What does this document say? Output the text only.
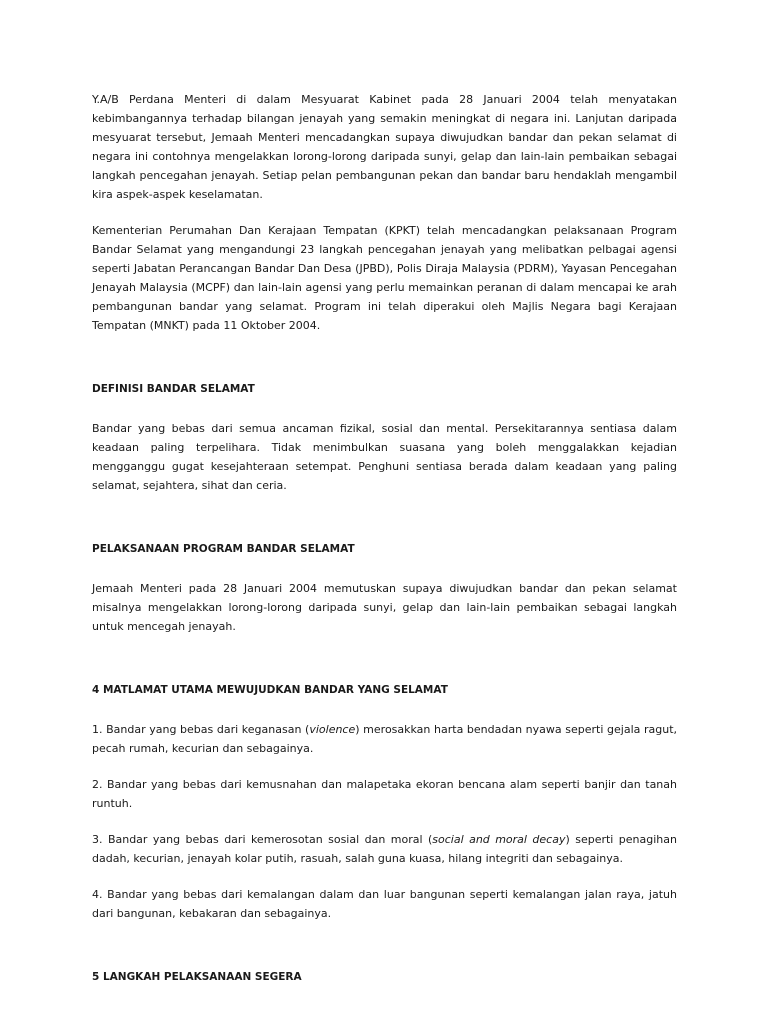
Y.A/B Perdana Menteri di dalam Mesyuarat Kabinet pada 28 Januari 2004 telah menyatakan kebimbangannya terhadap bilangan jenayah yang semakin meningkat di negara ini. Lanjutan daripada mesyuarat tersebut, Jemaah Menteri mencadangkan supaya diwujudkan bandar dan pekan selamat di negara ini contohnya mengelakkan lorong-lorong daripada sunyi, gelap dan lain-lain pembaikan sebagai langkah pencegahan jenayah. Setiap pelan pembangunan pekan dan bandar baru hendaklah mengambil kira aspek-aspek keselamatan.

Kementerian Perumahan Dan Kerajaan Tempatan (KPKT) telah mencadangkan pelaksanaan Program Bandar Selamat yang mengandungi 23 langkah pencegahan jenayah yang melibatkan pelbagai agensi seperti Jabatan Perancangan Bandar Dan Desa (JPBD), Polis Diraja Malaysia (PDRM), Yayasan Pencegahan Jenayah Malaysia (MCPF) dan lain-lain agensi yang perlu memainkan peranan di dalam mencapai ke arah pembangunan bandar yang selamat. Program ini telah diperakui oleh Majlis Negara bagi Kerajaan Tempatan (MNKT) pada 11 Oktober 2004.

DEFINISI BANDAR SELAMAT

Bandar yang bebas dari semua ancaman fizikal, sosial dan mental. Persekitarannya sentiasa dalam keadaan paling terpelihara. Tidak menimbulkan suasana yang boleh menggalakkan kejadian mengganggu gugat kesejahteraan setempat. Penghuni sentiasa berada dalam keadaan yang paling selamat, sejahtera, sihat dan ceria.

PELAKSANAAN PROGRAM BANDAR SELAMAT

Jemaah Menteri pada 28 Januari 2004 memutuskan supaya diwujudkan bandar dan pekan selamat misalnya mengelakkan lorong-lorong daripada sunyi, gelap dan lain-lain pembaikan sebagai langkah untuk mencegah jenayah.

4 MATLAMAT UTAMA MEWUJUDKAN BANDAR YANG SELAMAT

1. Bandar yang bebas dari keganasan (violence) merosakkan harta bendadan nyawa seperti gejala ragut, pecah rumah, kecurian dan sebagainya.

2. Bandar yang bebas dari kemusnahan dan malapetaka ekoran bencana alam seperti banjir dan tanah runtuh.

3. Bandar yang bebas dari kemerosotan sosial dan moral (social and moral decay) seperti penagihan dadah, kecurian, jenayah kolar putih, rasuah, salah guna kuasa, hilang integriti dan sebagainya.

4. Bandar yang bebas dari kemalangan dalam dan luar bangunan seperti kemalangan jalan raya, jatuh dari bangunan, kebakaran dan sebagainya.

5 LANGKAH PELAKSANAAN SEGERA
